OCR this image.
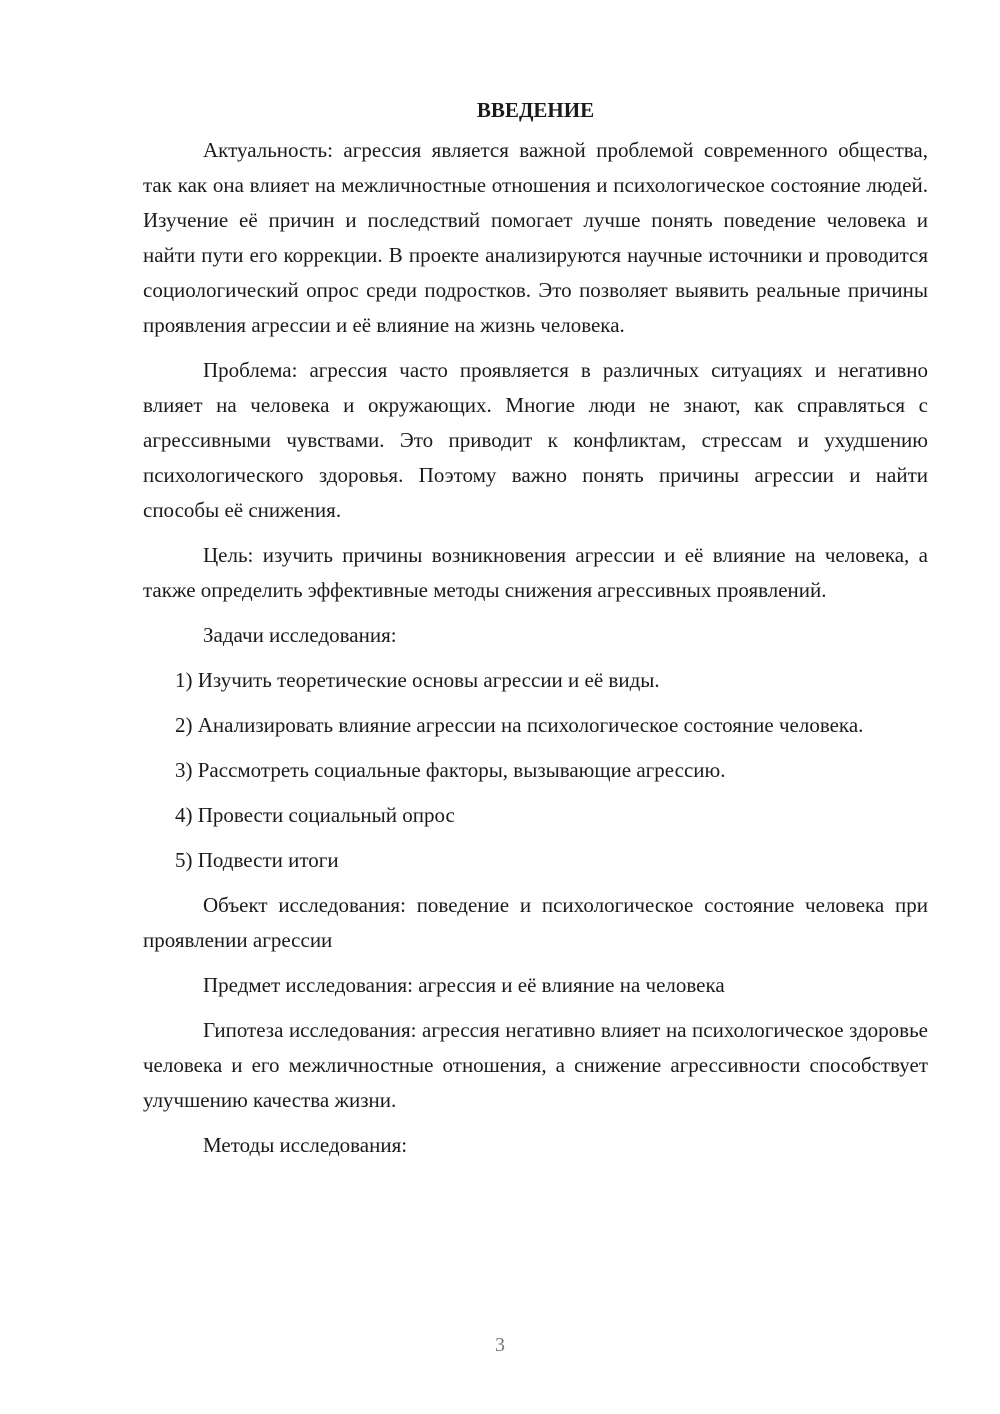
ВВЕДЕНИЕ

Актуальность: агрессия является важной проблемой современного общества, так как она влияет на межличностные отношения и психологическое состояние людей. Изучение её причин и последствий помогает лучше понять поведение человека и найти пути его коррекции. В проекте анализируются научные источники и проводится социологический опрос среди подростков. Это позволяет выявить реальные причины проявления агрессии и её влияние на жизнь человека.

Проблема: агрессия часто проявляется в различных ситуациях и негативно влияет на человека и окружающих. Многие люди не знают, как справляться с агрессивными чувствами. Это приводит к конфликтам, стрессам и ухудшению психологического здоровья. Поэтому важно понять причины агрессии и найти способы её снижения.

Цель: изучить причины возникновения агрессии и её влияние на человека, а также определить эффективные методы снижения агрессивных проявлений.

Задачи исследования:

1) Изучить теоретические основы агрессии и её виды.

2) Анализировать влияние агрессии на психологическое состояние человека.

3) Рассмотреть социальные факторы, вызывающие агрессию.

4) Провести социальный опрос

5) Подвести итоги

Объект исследования: поведение и психологическое состояние человека при проявлении агрессии

Предмет исследования: агрессия и её влияние на человека

Гипотеза исследования: агрессия негативно влияет на психологическое здоровье человека и его межличностные отношения, а снижение агрессивности способствует улучшению качества жизни.

Методы исследования:

3
